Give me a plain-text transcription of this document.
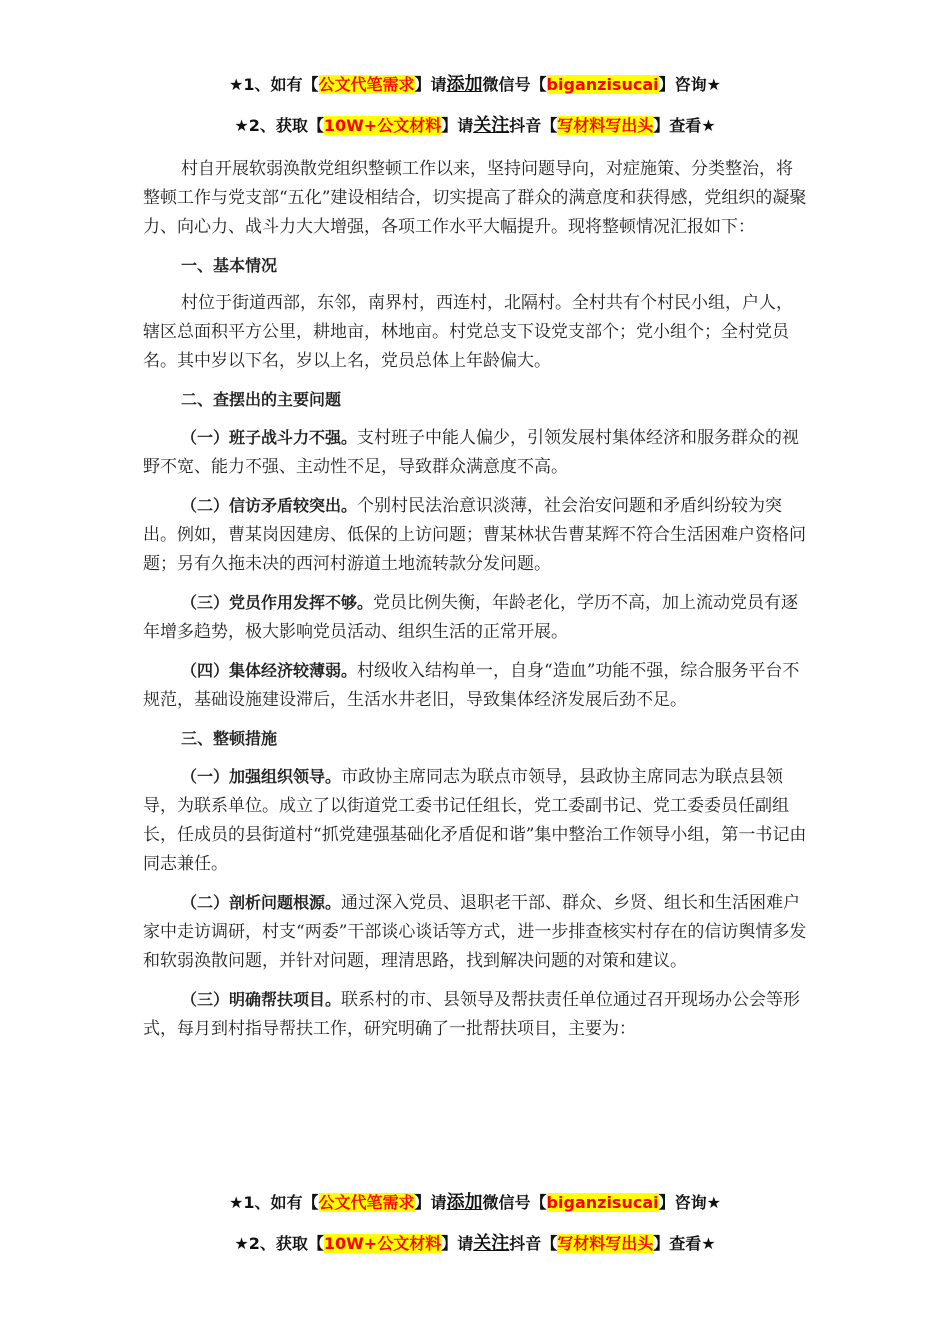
★1、如有【公文代笔需求】请添加微信号【biganzisucai】咨询★
★2、获取【10W+公文材料】请关注抖音【写材料写出头】查看★

村自开展软弱涣散党组织整顿工作以来，坚持问题导向，对症施策、分类整治，将整顿工作与党支部“五化”建设相结合，切实提高了群众的满意度和获得感，党组织的凝聚力、向心力、战斗力大大增强，各项工作水平大幅提升。现将整顿情况汇报如下：

一、基本情况

村位于街道西部，东邻，南界村，西连村，北隔村。全村共有个村民小组，户人，辖区总面积平方公里，耕地亩，林地亩。村党总支下设党支部个；党小组个；全村党员名。其中岁以下名，岁以上名，党员总体上年龄偏大。

二、查摆出的主要问题

（一）班子战斗力不强。支村班子中能人偏少，引领发展村集体经济和服务群众的视野不宽、能力不强、主动性不足，导致群众满意度不高。

（二）信访矛盾较突出。个别村民法治意识淡薄，社会治安问题和矛盾纠纷较为突出。例如，曹某岗因建房、低保的上访问题；曹某林状告曹某辉不符合生活困难户资格问题；另有久拖未决的西河村游道土地流转款分发问题。

（三）党员作用发挥不够。党员比例失衡，年龄老化，学历不高，加上流动党员有逐年增多趋势，极大影响党员活动、组织生活的正常开展。

（四）集体经济较薄弱。村级收入结构单一，自身“造血”功能不强，综合服务平台不规范，基础设施建设滞后，生活水井老旧，导致集体经济发展后劲不足。

三、整顿措施

（一）加强组织领导。市政协主席同志为联点市领导，县政协主席同志为联点县领导，为联系单位。成立了以街道党工委书记任组长，党工委副书记、党工委委员任副组长，任成员的县街道村“抓党建强基础化矛盾促和谐”集中整治工作领导小组，第一书记由同志兼任。

（二）剖析问题根源。通过深入党员、退职老干部、群众、乡贤、组长和生活困难户家中走访调研，村支“两委”干部谈心谈话等方式，进一步排查核实村存在的信访舆情多发和软弱涣散问题，并针对问题，理清思路，找到解决问题的对策和建议。

（三）明确帮扶项目。联系村的市、县领导及帮扶责任单位通过召开现场办公会等形式，每月到村指导帮扶工作，研究明确了一批帮扶项目，主要为：

★1、如有【公文代笔需求】请添加微信号【biganzisucai】咨询★
★2、获取【10W+公文材料】请关注抖音【写材料写出头】查看★
